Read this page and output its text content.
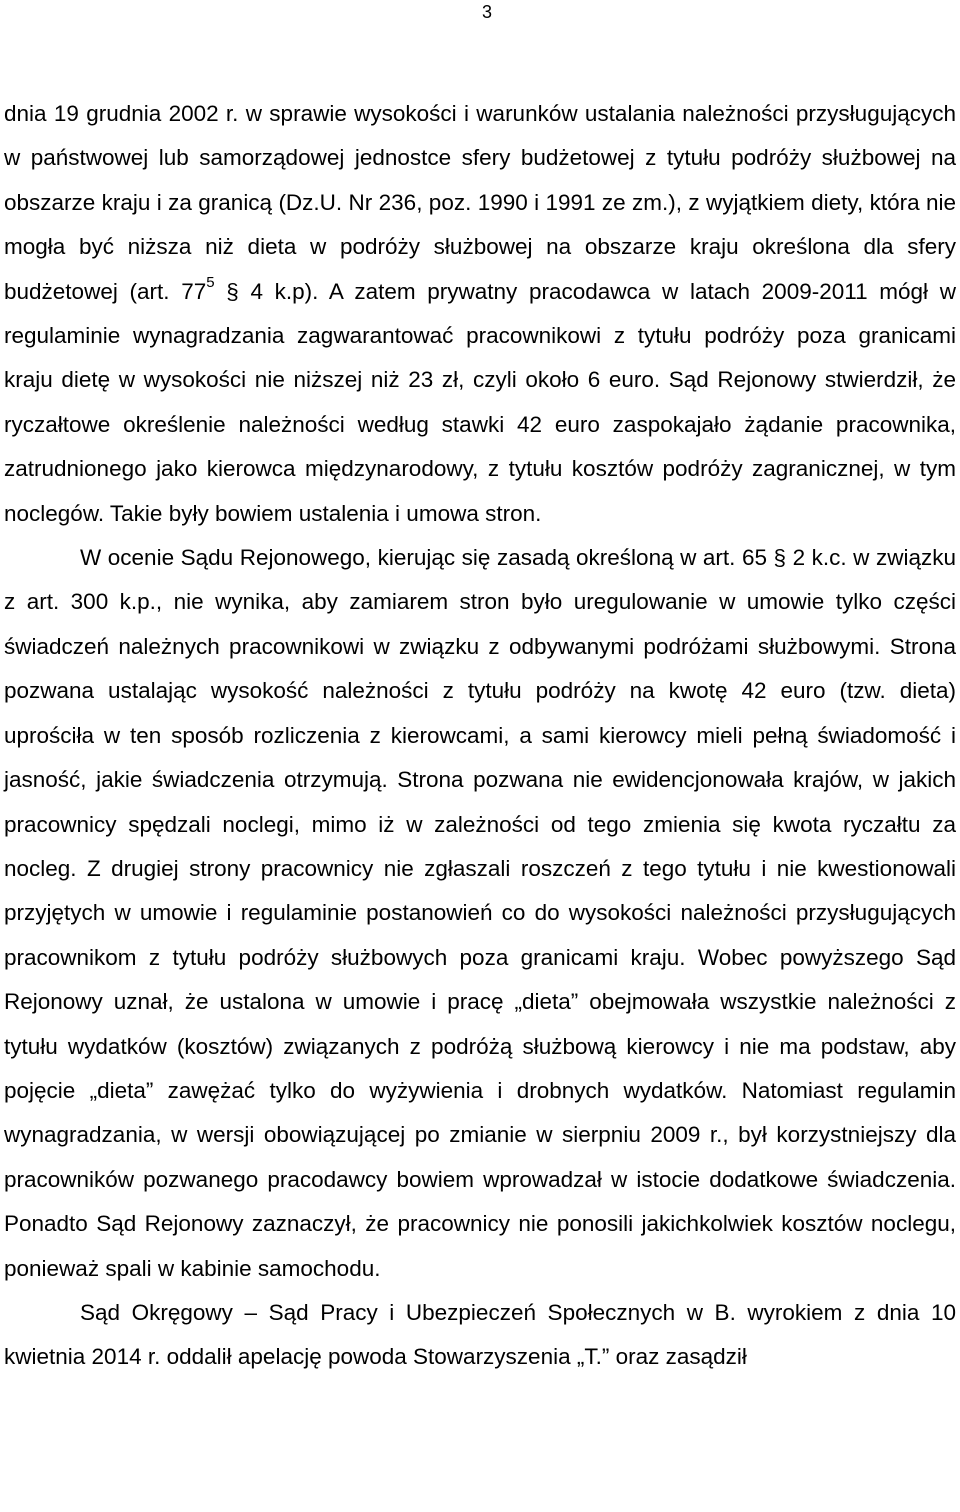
3

dnia 19 grudnia 2002 r. w sprawie wysokości i warunków ustalania należności przysługujących w państwowej lub samorządowej jednostce sfery budżetowej z tytułu podróży służbowej na obszarze kraju i za granicą (Dz.U. Nr 236, poz. 1990 i 1991 ze zm.), z wyjątkiem diety, która nie mogła być niższa niż dieta w podróży służbowej na obszarze kraju określona dla sfery budżetowej (art. $77^5$ § 4 k.p). A zatem prywatny pracodawca w latach 2009-2011 mógł w regulaminie wynagradzania zagwarantować pracownikowi z tytułu podróży poza granicami kraju dietę w wysokości nie niższej niż 23 zł, czyli około 6 euro. Sąd Rejonowy stwierdził, że ryczałtowe określenie należności według stawki 42 euro zaspokajało żądanie pracownika, zatrudnionego jako kierowca międzynarodowy, z tytułu kosztów podróży zagranicznej, w tym noclegów. Takie były bowiem ustalenia i umowa stron.

W ocenie Sądu Rejonowego, kierując się zasadą określoną w art. 65 § 2 k.c. w związku z art. 300 k.p., nie wynika, aby zamiarem stron było uregulowanie w umowie tylko części świadczeń należnych pracownikowi w związku z odbywanymi podróżami służbowymi. Strona pozwana ustalając wysokość należności z tytułu podróży na kwotę 42 euro (tzw. dieta) uprościła w ten sposób rozliczenia z kierowcami, a sami kierowcy mieli pełną świadomość i jasność, jakie świadczenia otrzymują. Strona pozwana nie ewidencjonowała krajów, w jakich pracownicy spędzali noclegi, mimo iż w zależności od tego zmienia się kwota ryczałtu za nocleg. Z drugiej strony pracownicy nie zgłaszali roszczeń z tego tytułu i nie kwestionowali przyjętych w umowie i regulaminie postanowień co do wysokości należności przysługujących pracownikom z tytułu podróży służbowych poza granicami kraju. Wobec powyższego Sąd Rejonowy uznał, że ustalona w umowie i pracę „dieta” obejmowała wszystkie należności z tytułu wydatków (kosztów) związanych z podróżą służbową kierowcy i nie ma podstaw, aby pojęcie „dieta” zawężać tylko do wyżywienia i drobnych wydatków. Natomiast regulamin wynagradzania, w wersji obowiązującej po zmianie w sierpniu 2009 r., był korzystniejszy dla pracowników pozwanego pracodawcy bowiem wprowadzał w istocie dodatkowe świadczenia. Ponadto Sąd Rejonowy zaznaczył, że pracownicy nie ponosili jakichkolwiek kosztów noclegu, ponieważ spali w kabinie samochodu.

Sąd Okręgowy – Sąd Pracy i Ubezpieczeń Społecznych w B. wyrokiem z dnia 10 kwietnia 2014 r. oddalił apelację powoda Stowarzyszenia „T.” oraz zasądził
